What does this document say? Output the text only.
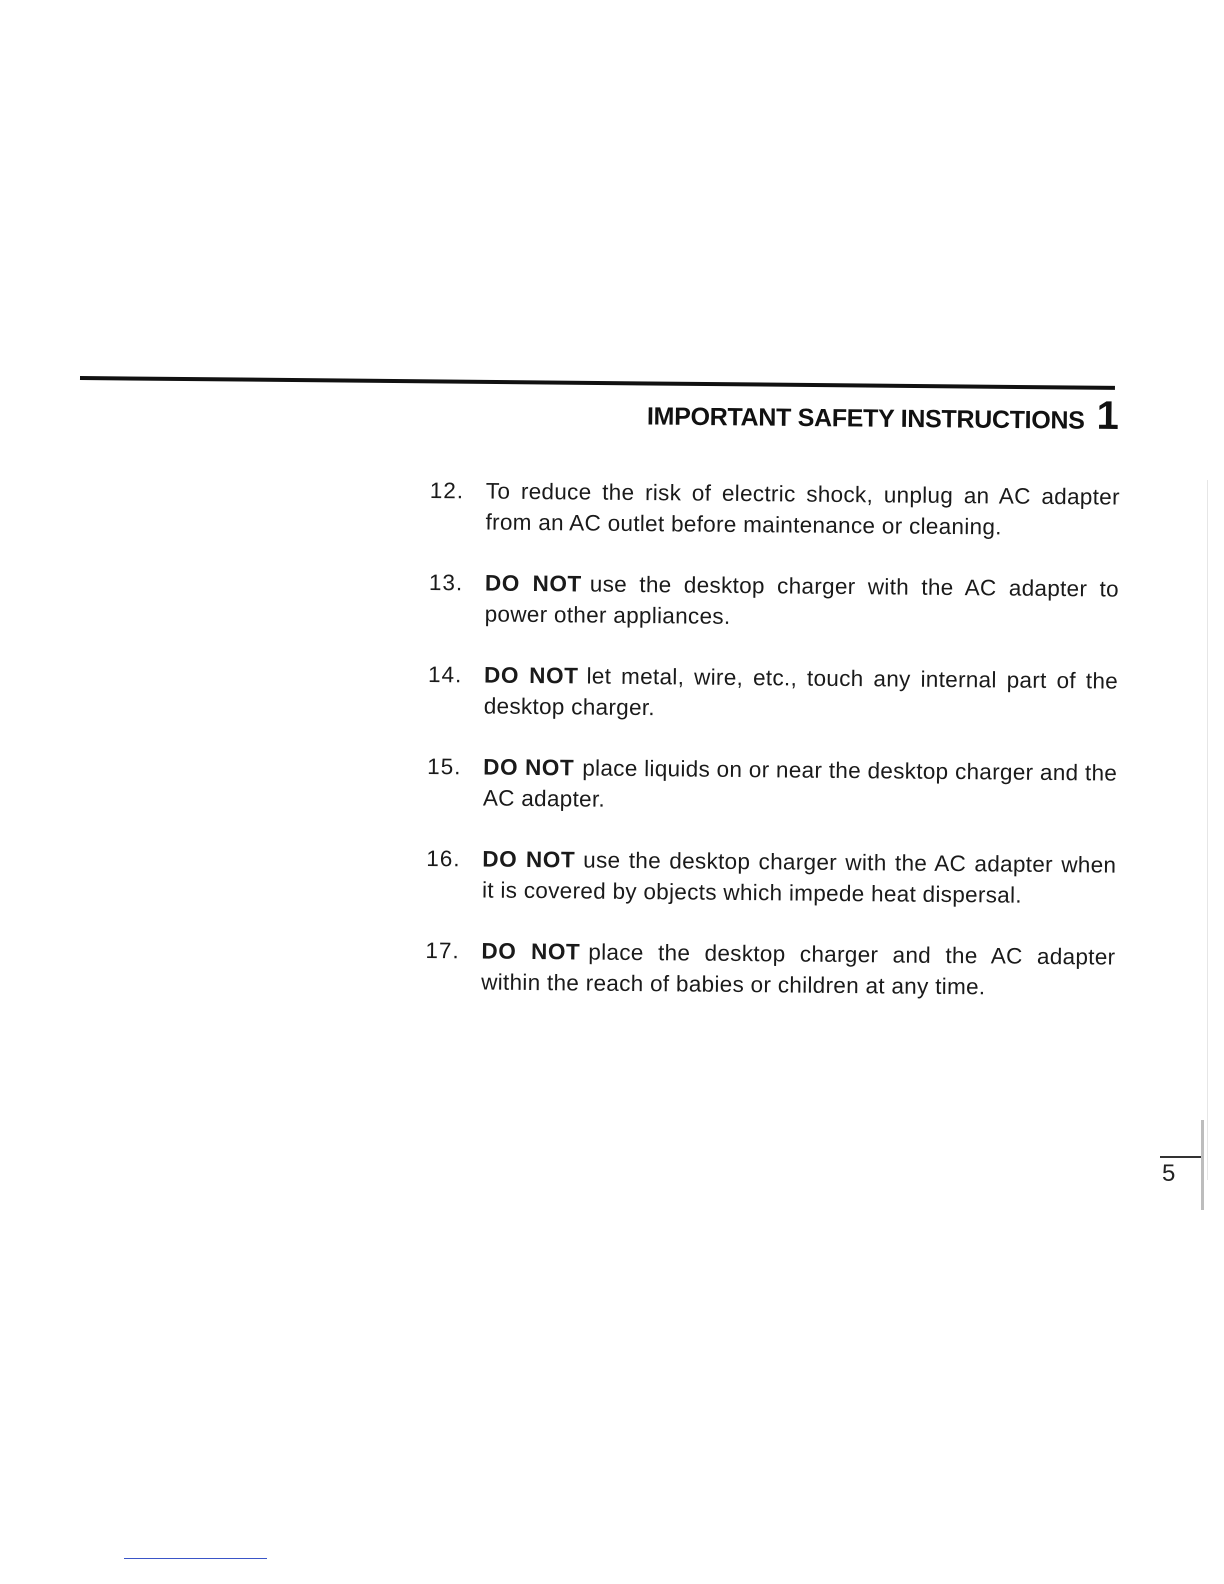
IMPORTANT SAFETY INSTRUCTIONS 1
12. To reduce the risk of electric shock, unplug an AC adapter from an AC outlet before maintenance or cleaning.
13. DO NOT use the desktop charger with the AC adapter to power other appliances.
14. DO NOT let metal, wire, etc., touch any internal part of the desktop charger.
15. DO NOT place liquids on or near the desktop charger and the AC adapter.
16. DO NOT use the desktop charger with the AC adapter when it is covered by objects which impede heat dispersal.
17. DO NOT place the desktop charger and the AC adapter within the reach of babies or children at any time.
5
